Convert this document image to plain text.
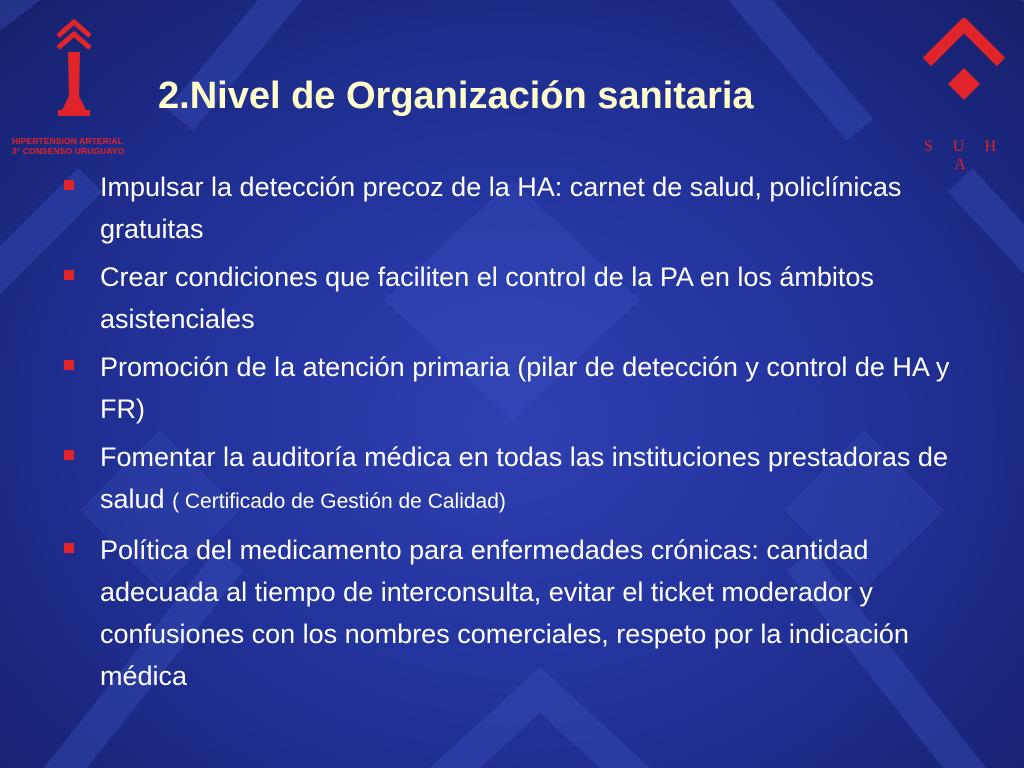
HIPERTENSION ARTERIAL
3° CONSENSO URUGUAYO	S U H A
2.Nivel de Organización sanitaria
Impulsar la detección precoz de la HA: carnet de salud, policlínicas gratuitas
Crear condiciones que faciliten el control de la PA en los ámbitos asistenciales
Promoción de la atención primaria (pilar de detección y control de HA y FR)
Fomentar la auditoría médica en todas las instituciones prestadoras de salud ( Certificado de Gestión de Calidad)
Política del medicamento para enfermedades crónicas: cantidad adecuada al tiempo de interconsulta, evitar el ticket moderador y confusiones con los nombres comerciales, respeto por la indicación médica
